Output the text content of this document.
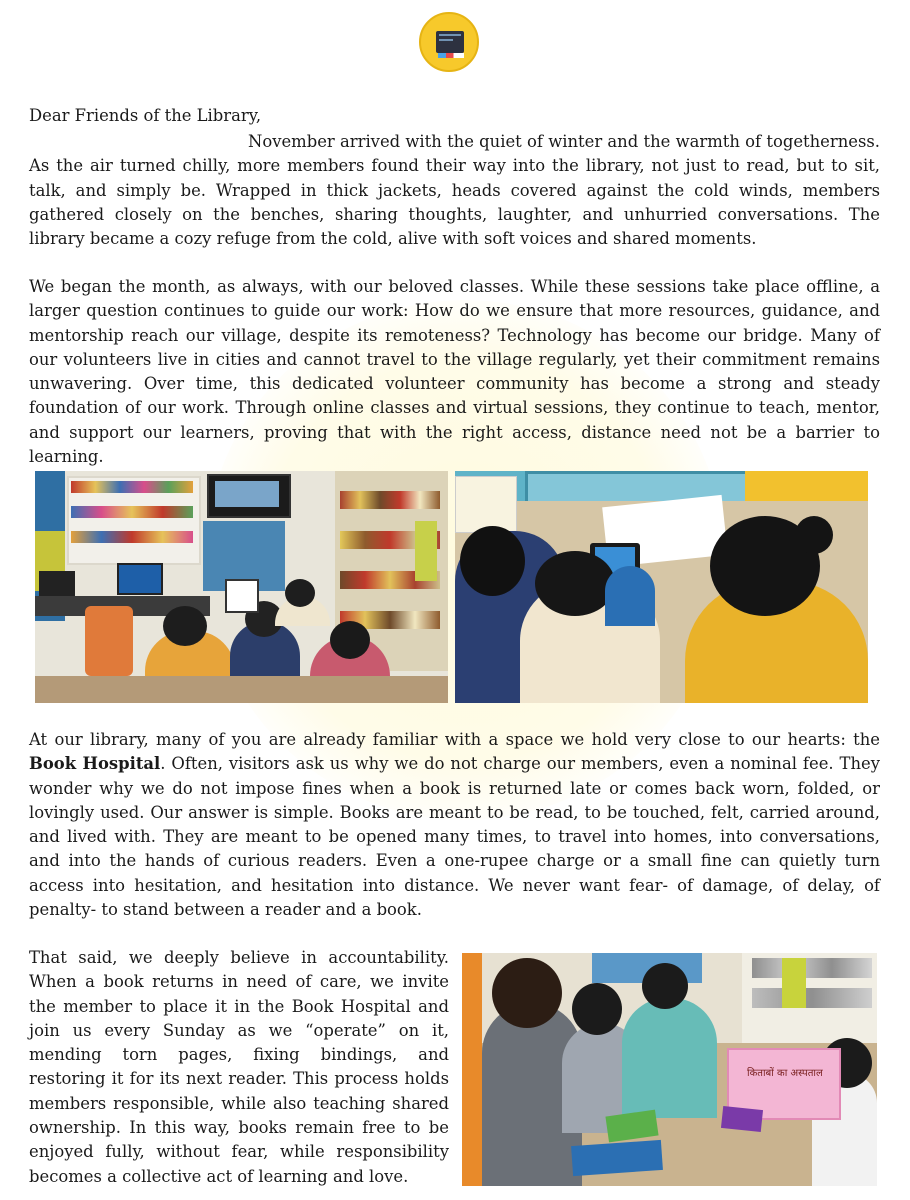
Dear Friends of the Library,

November arrived with the quiet of winter and the warmth of togetherness. As the air turned chilly, more members found their way into the library, not just to read, but to sit, talk, and simply be. Wrapped in thick jackets, heads covered against the cold winds, members gathered closely on the benches, sharing thoughts, laughter, and unhurried conversations. The library became a cozy refuge from the cold, alive with soft voices and shared moments.

We began the month, as always, with our beloved classes. While these sessions take place offline, a larger question continues to guide our work: How do we ensure that more resources, guidance, and mentorship reach our village, despite its remoteness? Technology has become our bridge. Many of our volunteers live in cities and cannot travel to the village regularly, yet their commitment remains unwavering. Over time, this dedicated volunteer community has become a strong and steady foundation of our work. Through online classes and virtual sessions, they continue to teach, mentor, and support our learners, proving that with the right access, distance need not be a barrier to learning.

At our library, many of you are already familiar with a space we hold very close to our hearts: the Book Hospital. Often, visitors ask us why we do not charge our members, even a nominal fee. They wonder why we do not impose fines when a book is returned late or comes back worn, folded, or lovingly used. Our answer is simple. Books are meant to be read, to be touched, felt, carried around, and lived with. They are meant to be opened many times, to travel into homes, into conversations, and into the hands of curious readers. Even a one-rupee charge or a small fine can quietly turn access into hesitation, and hesitation into distance. We never want fear- of damage, of delay, of penalty- to stand between a reader and a book.

That said, we deeply believe in accountability. When a book returns in need of care, we invite the member to place it in the Book Hospital and join us every Sunday as we “operate” on it, mending torn pages, fixing bindings, and restoring it for its next reader. This process holds members responsible, while also teaching shared ownership. In this way, books remain free to be enjoyed fully, without fear, while responsibility becomes a collective act of learning and love.

किताबों का अस्पताल
